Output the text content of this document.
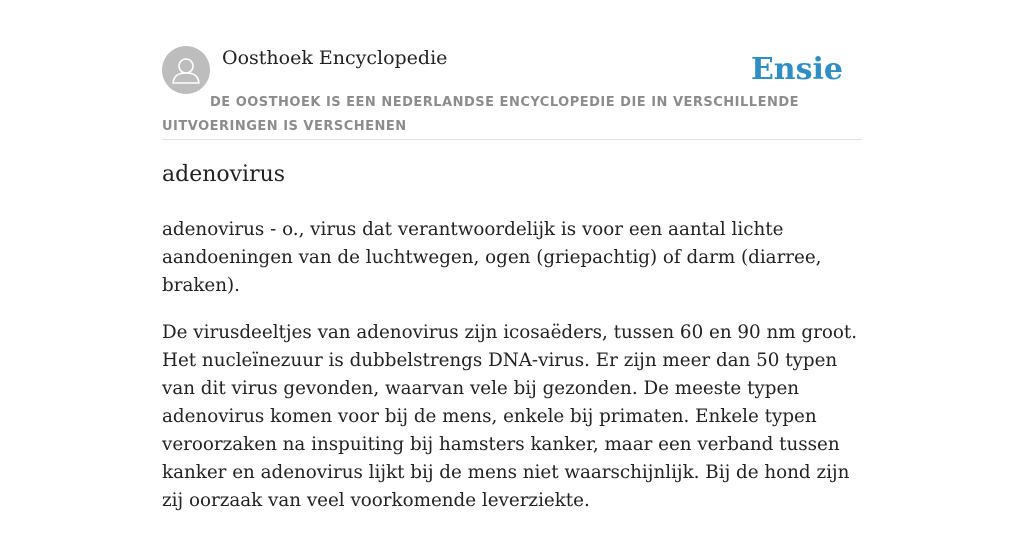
Oosthoek Encyclopedie	Ensie
DE OOSTHOEK IS EEN NEDERLANDSE ENCYCLOPEDIE DIE IN VERSCHILLENDE UITVOERINGEN IS VERSCHENEN
adenovirus

adenovirus - o., virus dat verantwoordelijk is voor een aantal lichte aandoeningen van de luchtwegen, ogen (griepachtig) of darm (diarree, braken).

De virusdeeltjes van adenovirus zijn icosaëders, tussen 60 en 90 nm groot. Het nucleïnezuur is dubbelstrengs DNA-virus. Er zijn meer dan 50 typen van dit virus gevonden, waarvan vele bij gezonden. De meeste typen adenovirus komen voor bij de mens, enkele bij primaten. Enkele typen veroorzaken na inspuiting bij hamsters kanker, maar een verband tussen kanker en adenovirus lijkt bij de mens niet waarschijnlijk. Bij de hond zijn zij oorzaak van veel voorkomende leverziekte.
